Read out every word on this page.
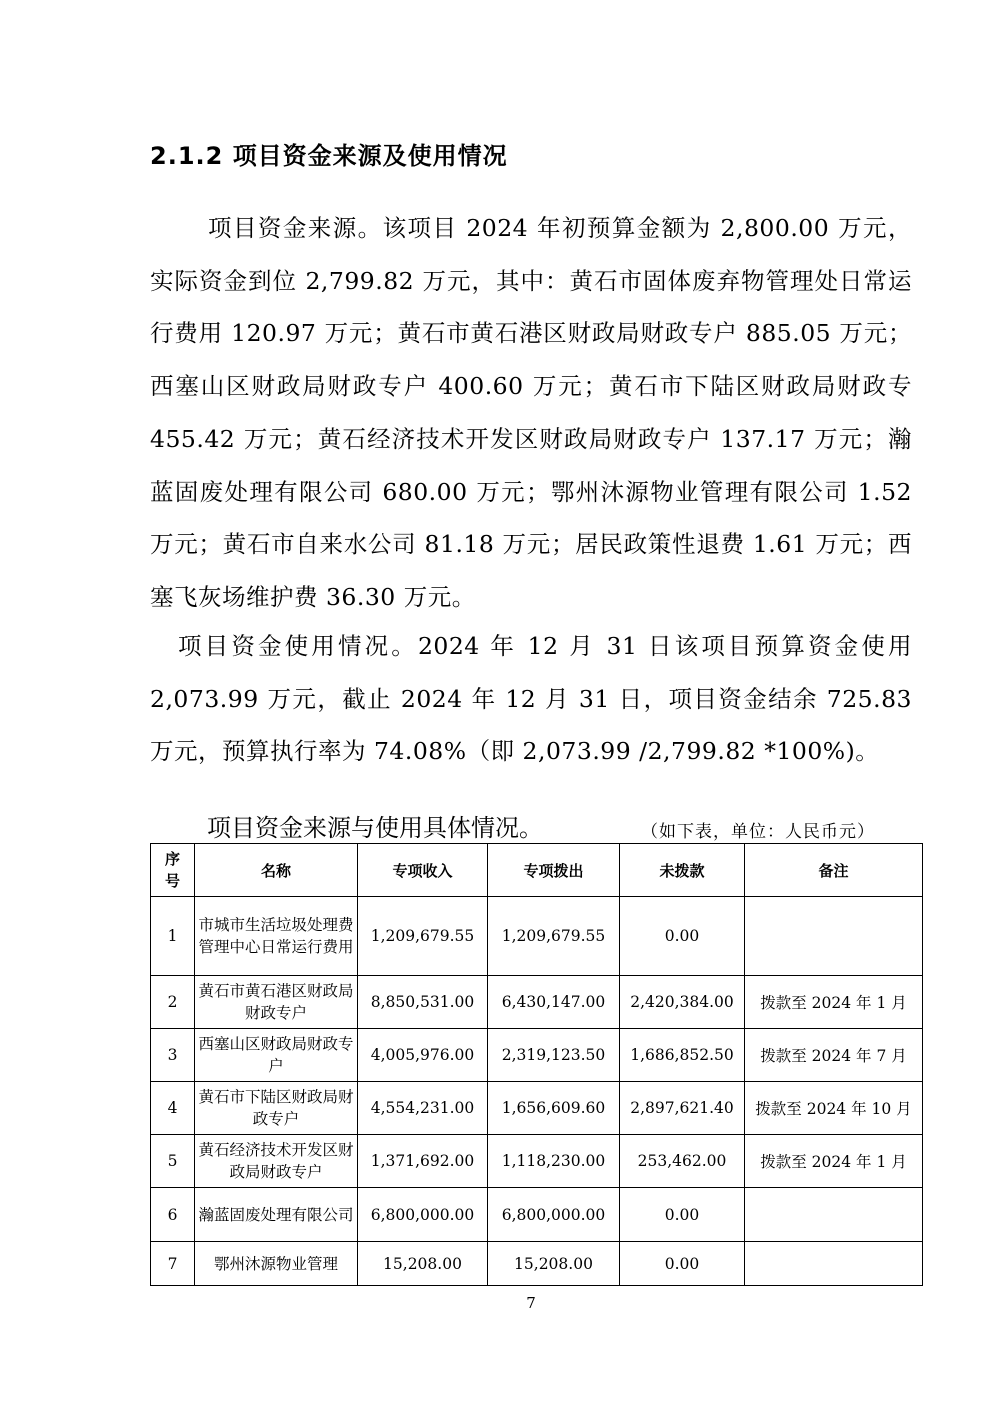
2.1.2 项目资金来源及使用情况

项目资金来源。该项目 2024 年初预算金额为 2,800.00 万元，实际资金到位 2,799.82 万元，其中：黄石市固体废弃物管理处日常运行费用 120.97 万元；黄石市黄石港区财政局财政专户 885.05 万元；西塞山区财政局财政专户 400.60 万元；黄石市下陆区财政局财政专 455.42 万元；黄石经济技术开发区财政局财政专户 137.17 万元；瀚蓝固废处理有限公司 680.00 万元；鄂州沐源物业管理有限公司 1.52 万元；黄石市自来水公司 81.18 万元；居民政策性退费 1.61 万元；西塞飞灰场维护费 36.30 万元。

项目资金使用情况。2024 年 12 月 31 日该项目预算资金使用 2,073.99 万元，截止 2024 年 12 月 31 日，项目资金结余 725.83 万元，预算执行率为 74.08%（即 2,073.99 /2,799.82 *100%)。

项目资金来源与使用具体情况。	（如下表，单位：人民币元）
序号	名称	专项收入	专项拨出	未拨款	备注
1	市城市生活垃圾处理费管理中心日常运行费用	1,209,679.55	1,209,679.55	0.00	
2	黄石市黄石港区财政局财政专户	8,850,531.00	6,430,147.00	2,420,384.00	拨款至 2024 年 1 月
3	西塞山区财政局财政专户	4,005,976.00	2,319,123.50	1,686,852.50	拨款至 2024 年 7 月
4	黄石市下陆区财政局财政专户	4,554,231.00	1,656,609.60	2,897,621.40	拨款至 2024 年 10 月
5	黄石经济技术开发区财政局财政专户	1,371,692.00	1,118,230.00	253,462.00	拨款至 2024 年 1 月
6	瀚蓝固废处理有限公司	6,800,000.00	6,800,000.00	0.00	
7	鄂州沐源物业管理	15,208.00	15,208.00	0.00	
7
